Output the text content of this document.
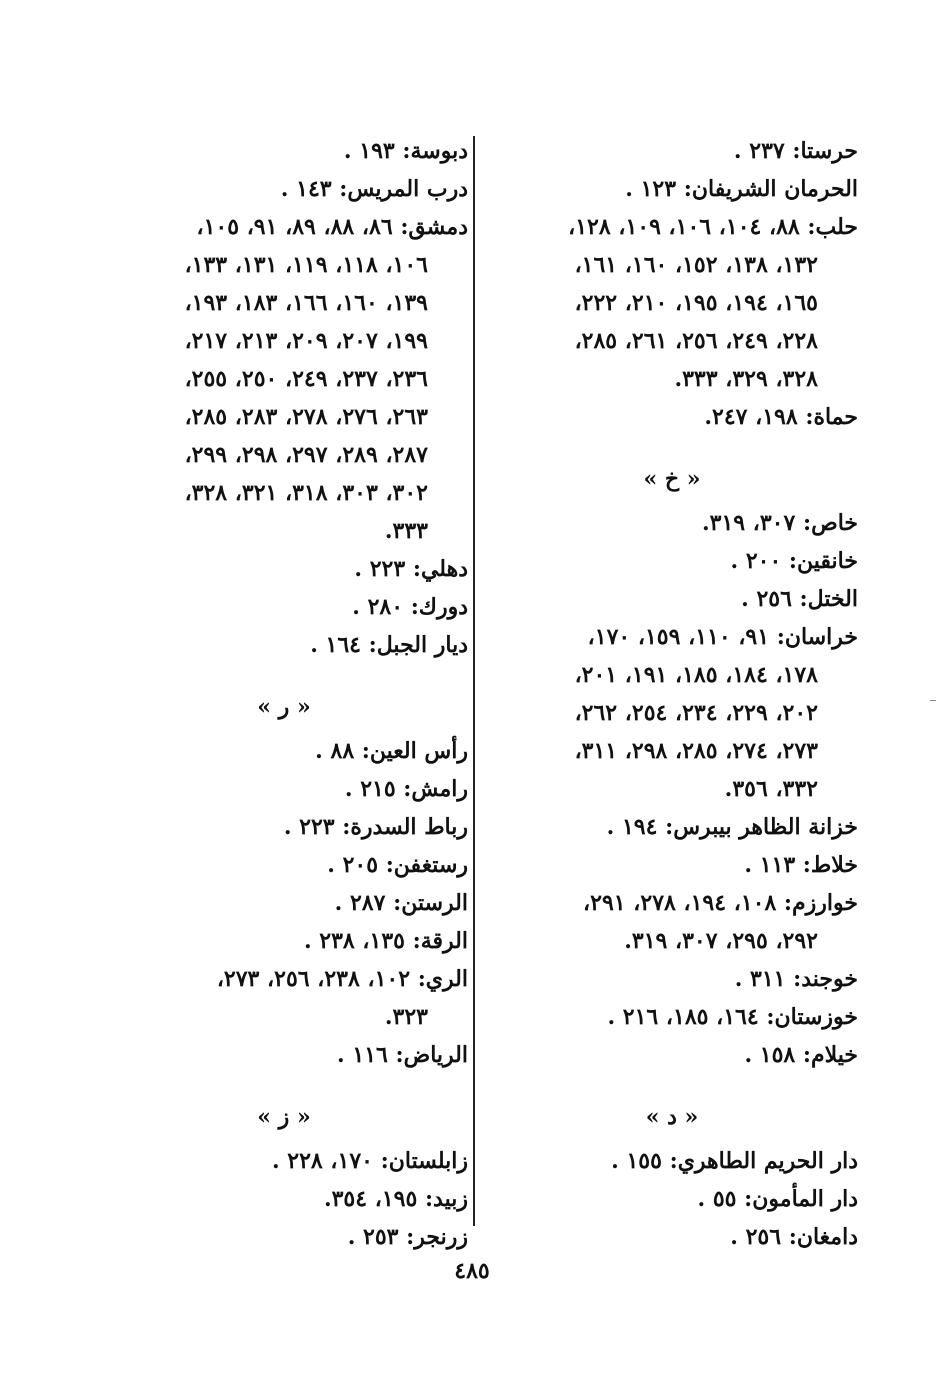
حرستا: ٢٣٧ .
الحرمان الشريفان: ١٢٣ .
حلب: ٨٨، ١٠٤، ١٠٦، ١٠٩، ١٢٨،
١٣٢، ١٣٨، ١٥٢، ١٦٠، ١٦١،
١٦٥، ١٩٤، ١٩٥، ٢١٠، ٢٢٢،
٢٢٨، ٢٤٩، ٢٥٦، ٢٦١، ٢٨٥،
٣٢٨، ٣٢٩، ٣٣٣.
حماة: ١٩٨، ٢٤٧.
« خ »
خاص: ٣٠٧، ٣١٩.
خانقين: ٢٠٠ .
الختل: ٢٥٦ .
خراسان: ٩١، ١١٠، ١٥٩، ١٧٠،
١٧٨، ١٨٤، ١٨٥، ١٩١، ٢٠١،
٢٠٢، ٢٢٩، ٢٣٤، ٢٥٤، ٢٦٢،
٢٧٣، ٢٧٤، ٢٨٥، ٢٩٨، ٣١١،
٣٣٢، ٣٥٦.
خزانة الظاهر بيبرس: ١٩٤ .
خلاط: ١١٣ .
خوارزم: ١٠٨، ١٩٤، ٢٧٨، ٢٩١،
٢٩٢، ٢٩٥، ٣٠٧، ٣١٩.
خوجند: ٣١١ .
خوزستان: ١٦٤، ١٨٥، ٢١٦ .
خيلام: ١٥٨ .
« د »
دار الحريم الطاهري: ١٥٥ .
دار المأمون: ٥٥ .
دامغان: ٢٥٦ .
دبوسة: ١٩٣ .
درب المريس: ١٤٣ .
دمشق: ٨٦، ٨٨، ٨٩، ٩١، ١٠٥،
١٠٦، ١١٨، ١١٩، ١٣١، ١٣٣،
١٣٩، ١٦٠، ١٦٦، ١٨٣، ١٩٣،
١٩٩، ٢٠٧، ٢٠٩، ٢١٣، ٢١٧،
٢٣٦، ٢٣٧، ٢٤٩، ٢٥٠، ٢٥٥،
٢٦٣، ٢٧٦، ٢٧٨، ٢٨٣، ٢٨٥،
٢٨٧، ٢٨٩، ٢٩٧، ٢٩٨، ٢٩٩،
٣٠٢، ٣٠٣، ٣١٨، ٣٢١، ٣٢٨،
٣٣٣.
دهلي: ٢٢٣ .
دورك: ٢٨٠ .
ديار الجبل: ١٦٤ .
« ر »
رأس العين: ٨٨ .
رامش: ٢١٥ .
رباط السدرة: ٢٢٣ .
رستغفن: ٢٠٥ .
الرستن: ٢٨٧ .
الرقة: ١٣٥، ٢٣٨ .
الري: ١٠٢، ٢٣٨، ٢٥٦، ٢٧٣،
٣٢٣.
الرياض: ١١٦ .
« ز »
زابلستان: ١٧٠، ٢٢٨ .
زبيد: ١٩٥، ٣٥٤.
زرنجر: ٢٥٣ .
٤٨٥
